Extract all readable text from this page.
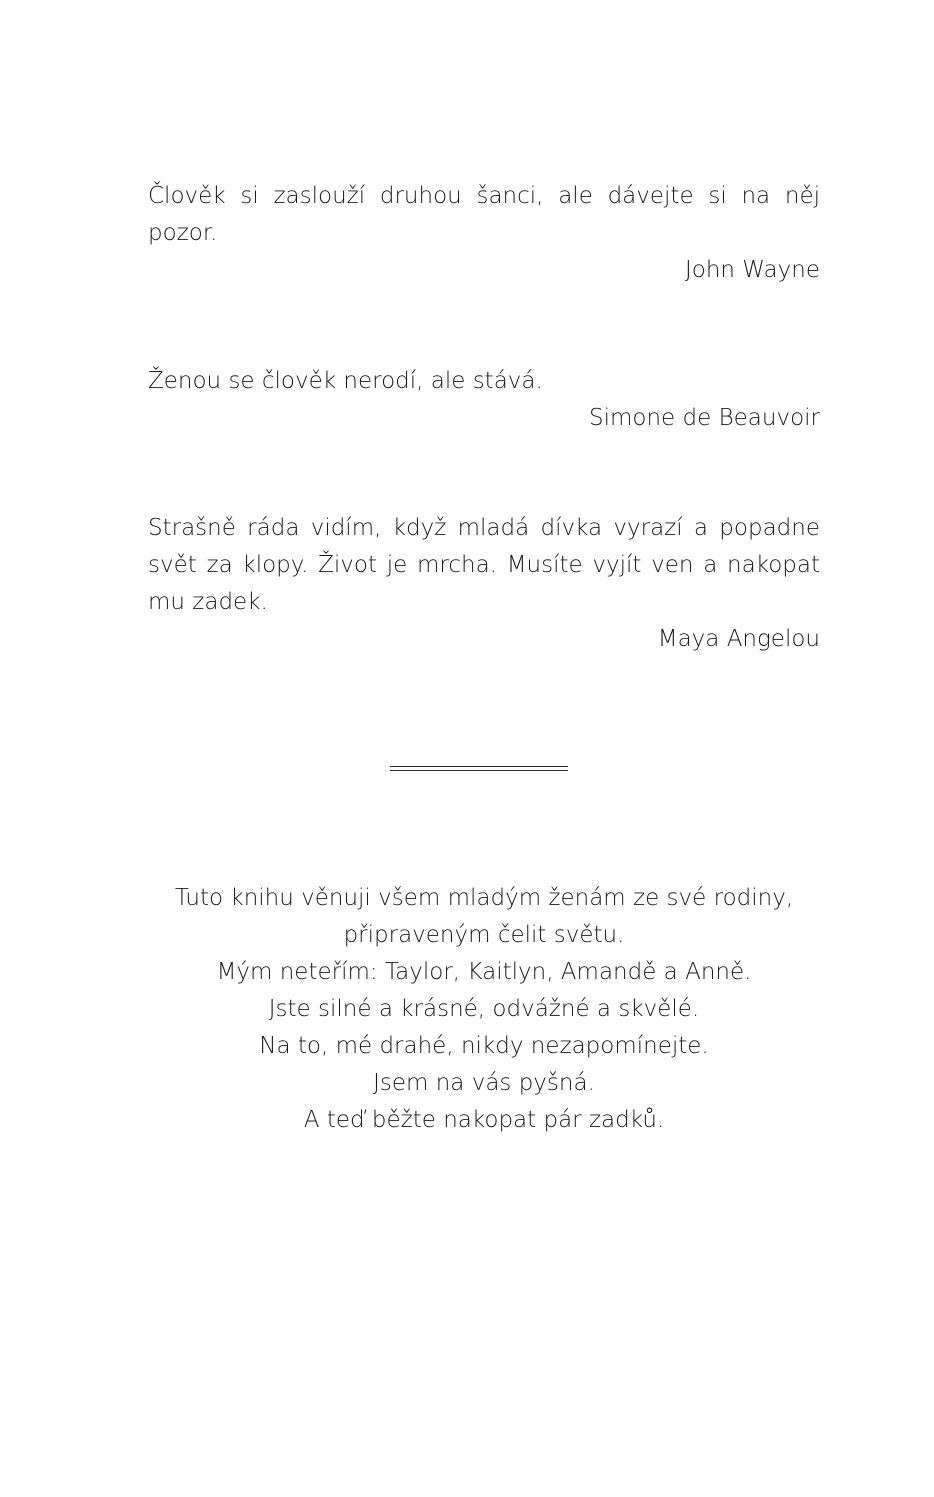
Člověk si zaslouží druhou šanci, ale dávejte si na něj pozor.

John Wayne

Ženou se člověk nerodí, ale stává.

Simone de Beauvoir

Strašně ráda vidím, když mladá dívka vyrazí a popadne svět za klopy. Život je mrcha. Musíte vyjít ven a nakopat mu zadek.

Maya Angelou

Tuto knihu věnuji všem mladým ženám ze své rodiny,

připraveným čelit světu.

Mým neteřím: Taylor, Kaitlyn, Amandě a Anně.

Jste silné a krásné, odvážné a skvělé.

Na to, mé drahé, nikdy nezapomínejte.

Jsem na vás pyšná.

A teď běžte nakopat pár zadků.
